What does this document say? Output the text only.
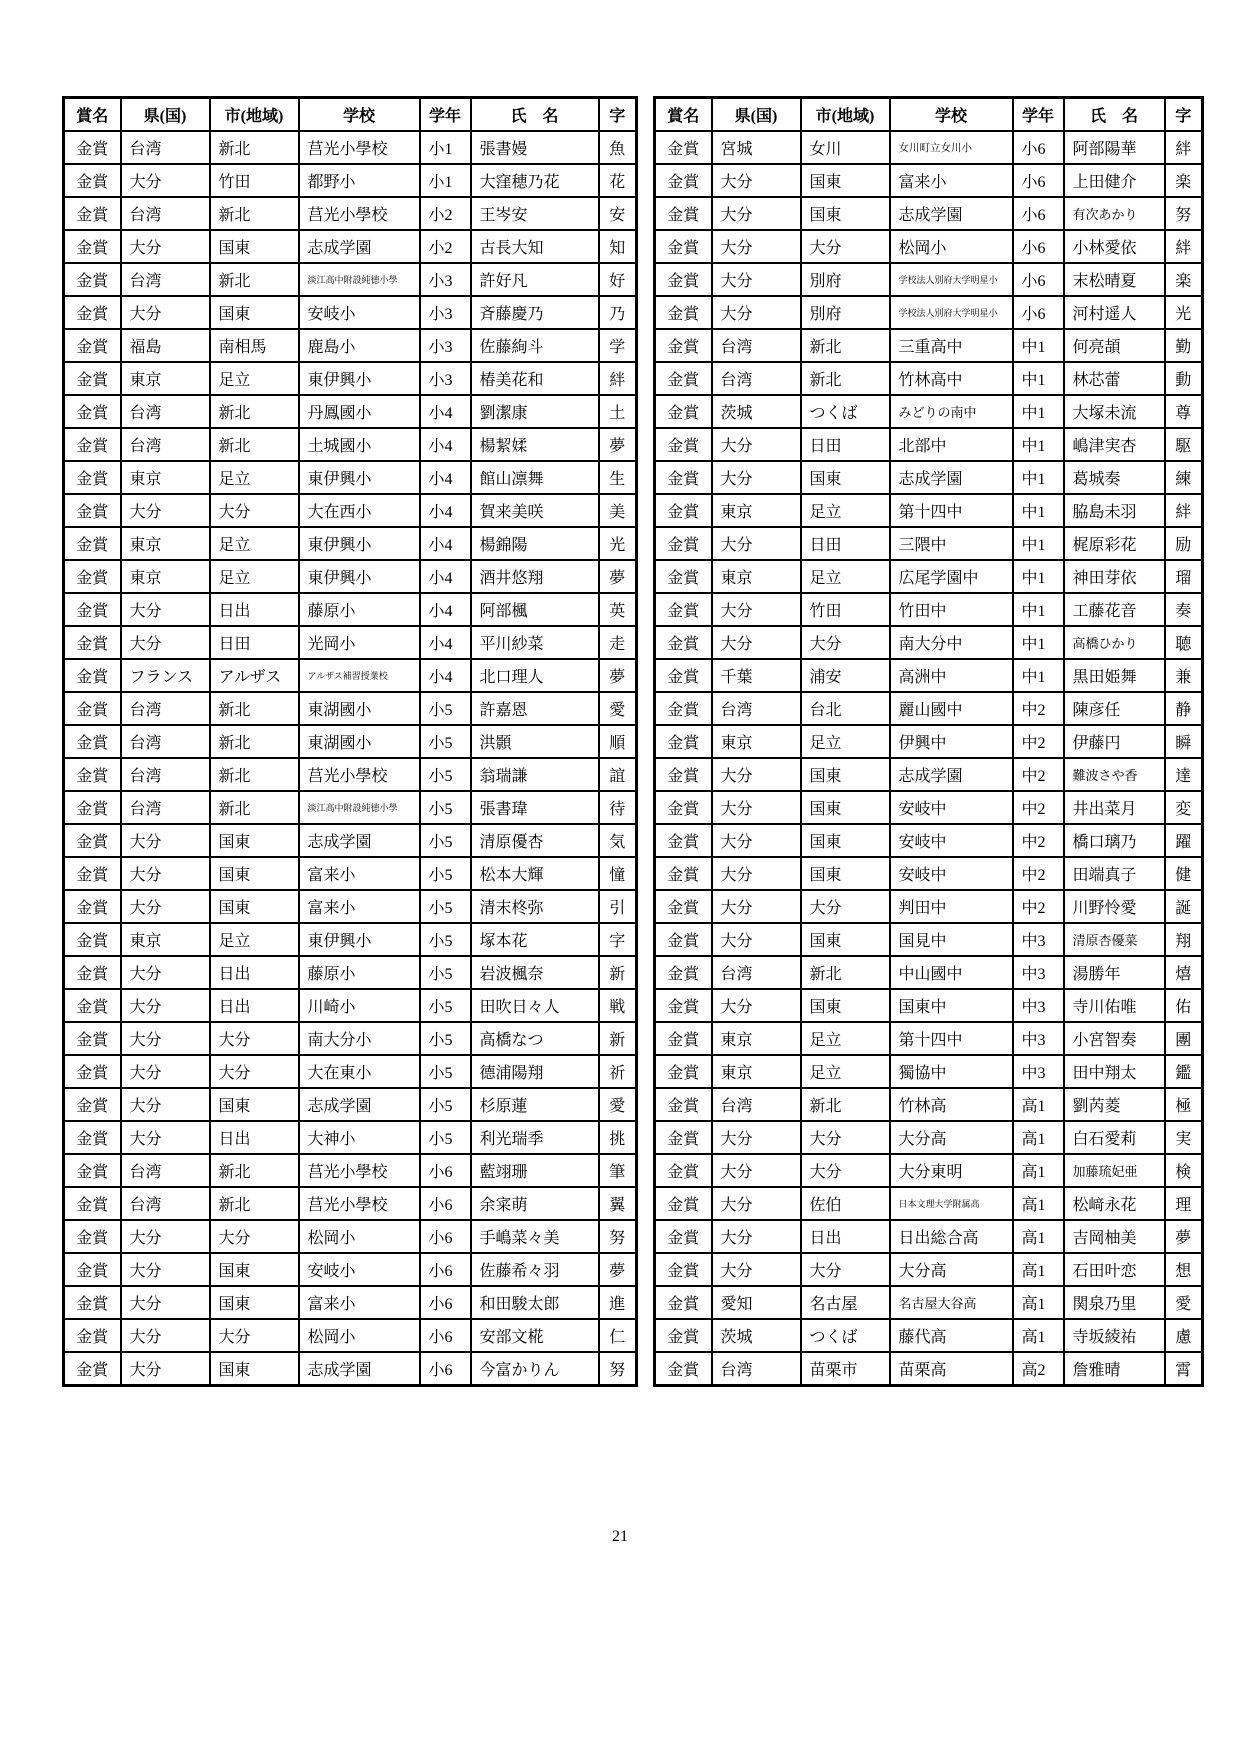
賞名	県(国)	市(地域)	学校	学年	氏　名	字
金賞	台湾	新北	莒光小學校	小1	張書嫚	魚
金賞	大分	竹田	都野小	小1	大窪穂乃花	花
金賞	台湾	新北	莒光小學校	小2	王岑安	安
金賞	大分	国東	志成学園	小2	古長大知	知
金賞	台湾	新北	淡江高中附設純徳小學	小3	許好凡	好
金賞	大分	国東	安岐小	小3	斉藤慶乃	乃
金賞	福島	南相馬	鹿島小	小3	佐藤絢斗	学
金賞	東京	足立	東伊興小	小3	椿美花和	絆
金賞	台湾	新北	丹鳳國小	小4	劉潔康	土
金賞	台湾	新北	土城國小	小4	楊絜媃	夢
金賞	東京	足立	東伊興小	小4	館山凛舞	生
金賞	大分	大分	大在西小	小4	賀来美咲	美
金賞	東京	足立	東伊興小	小4	楊錦陽	光
金賞	東京	足立	東伊興小	小4	酒井悠翔	夢
金賞	大分	日出	藤原小	小4	阿部楓	英
金賞	大分	日田	光岡小	小4	平川紗菜	走
金賞	フランス	アルザス	アルザス補習授業校	小4	北口理人	夢
金賞	台湾	新北	東湖國小	小5	許嘉恩	愛
金賞	台湾	新北	東湖國小	小5	洪顥	順
金賞	台湾	新北	莒光小學校	小5	翁瑞謙	誼
金賞	台湾	新北	淡江高中附設純徳小學	小5	張書瑋	待
金賞	大分	国東	志成学園	小5	清原優杏	気
金賞	大分	国東	富来小	小5	松本大輝	憧
金賞	大分	国東	富来小	小5	清末柊弥	引
金賞	東京	足立	東伊興小	小5	塚本花	字
金賞	大分	日出	藤原小	小5	岩波楓奈	新
金賞	大分	日出	川崎小	小5	田吹日々人	戦
金賞	大分	大分	南大分小	小5	高橋なつ	新
金賞	大分	大分	大在東小	小5	德浦陽翔	祈
金賞	大分	国東	志成学園	小5	杉原蓮	愛
金賞	大分	日出	大神小	小5	利光瑞季	挑
金賞	台湾	新北	莒光小學校	小6	藍翊珊	筆
金賞	台湾	新北	莒光小學校	小6	余寀萌	翼
金賞	大分	大分	松岡小	小6	手嶋菜々美	努
金賞	大分	国東	安岐小	小6	佐藤希々羽	夢
金賞	大分	国東	富来小	小6	和田駿太郎	進
金賞	大分	大分	松岡小	小6	安部文椛	仁
金賞	大分	国東	志成学園	小6	今富かりん	努
賞名	県(国)	市(地域)	学校	学年	氏　名	字
金賞	宮城	女川	女川町立女川小	小6	阿部陽華	絆
金賞	大分	国東	富来小	小6	上田健介	楽
金賞	大分	国東	志成学園	小6	有次あかり	努
金賞	大分	大分	松岡小	小6	小林愛依	絆
金賞	大分	別府	学校法人別府大学明星小	小6	末松晴夏	楽
金賞	大分	別府	学校法人別府大学明星小	小6	河村遥人	光
金賞	台湾	新北	三重高中	中1	何亮頡	勤
金賞	台湾	新北	竹林高中	中1	林芯蕾	動
金賞	茨城	つくば	みどりの南中	中1	大塚未流	尊
金賞	大分	日田	北部中	中1	嶋津実杏	駆
金賞	大分	国東	志成学園	中1	葛城奏	練
金賞	東京	足立	第十四中	中1	脇島未羽	絆
金賞	大分	日田	三隈中	中1	梶原彩花	励
金賞	東京	足立	広尾学園中	中1	神田芽依	瑠
金賞	大分	竹田	竹田中	中1	工藤花音	奏
金賞	大分	大分	南大分中	中1	高橋ひかり	聴
金賞	千葉	浦安	高洲中	中1	黒田姫舞	兼
金賞	台湾	台北	麗山國中	中2	陳彦任	静
金賞	東京	足立	伊興中	中2	伊藤円	瞬
金賞	大分	国東	志成学園	中2	難波さや香	達
金賞	大分	国東	安岐中	中2	井出菜月	変
金賞	大分	国東	安岐中	中2	橋口璃乃	躍
金賞	大分	国東	安岐中	中2	田端真子	健
金賞	大分	大分	判田中	中2	川野怜愛	誕
金賞	大分	国東	国見中	中3	清原杏優菜	翔
金賞	台湾	新北	中山國中	中3	湯勝年	熺
金賞	大分	国東	国東中	中3	寺川佑唯	佑
金賞	東京	足立	第十四中	中3	小宮智奏	團
金賞	東京	足立	獨協中	中3	田中翔太	鑑
金賞	台湾	新北	竹林高	高1	劉芮菱	極
金賞	大分	大分	大分高	高1	白石愛莉	実
金賞	大分	大分	大分東明	高1	加藤琉妃亜	検
金賞	大分	佐伯	日本文理大学附属高	高1	松﨑永花	理
金賞	大分	日出	日出総合高	高1	吉岡柚美	夢
金賞	大分	大分	大分高	高1	石田叶恋	想
金賞	愛知	名古屋	名古屋大谷高	高1	関泉乃里	愛
金賞	茨城	つくば	藤代高	高1	寺坂綾祐	慮
金賞	台湾	苗栗市	苗栗高	高2	詹雅晴	霄
21
